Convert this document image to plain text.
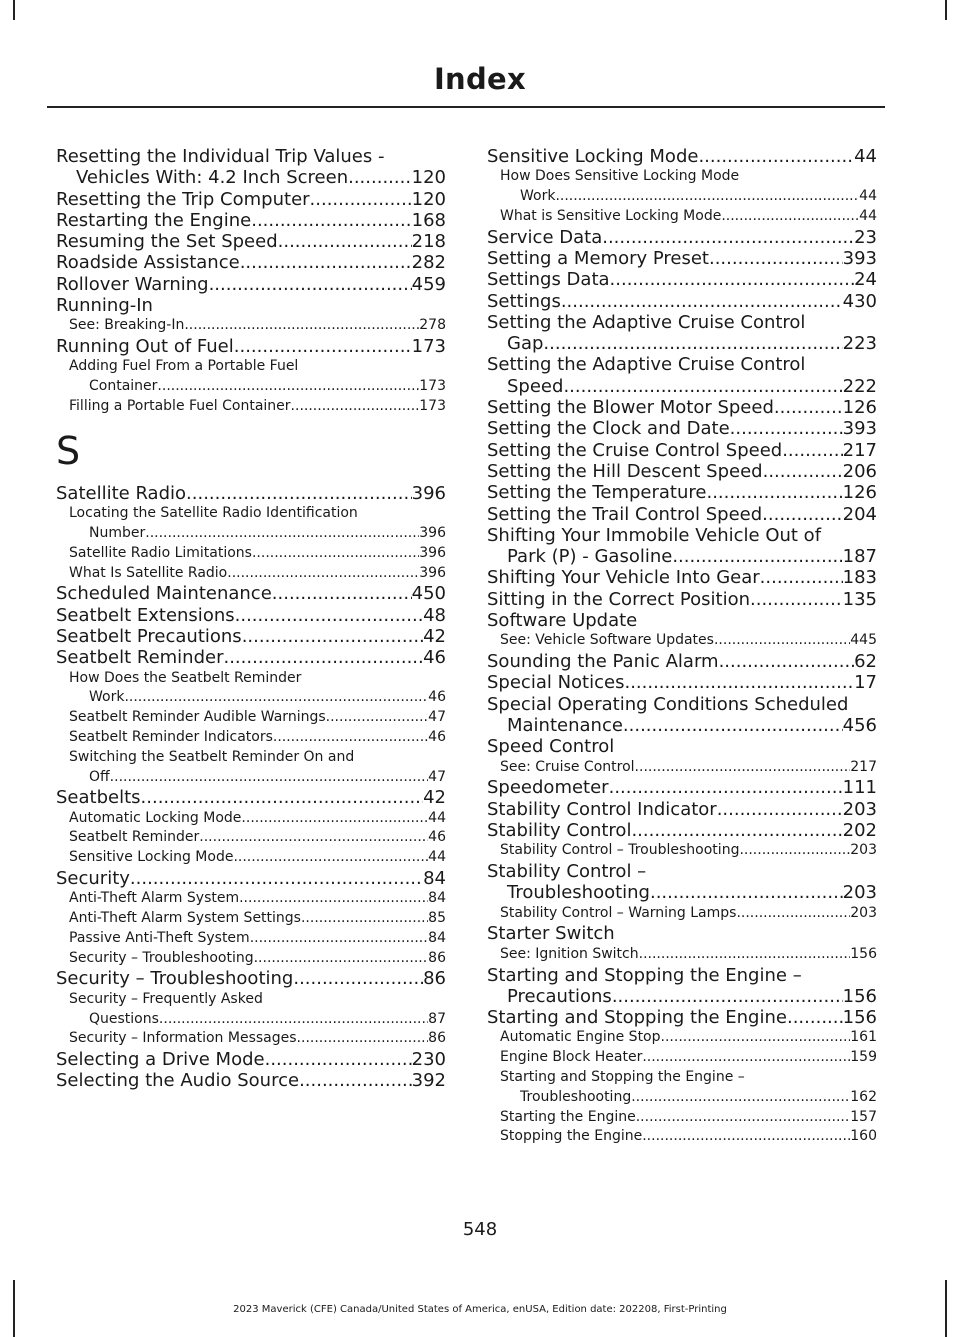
Index
Resetting the Individual Trip Values -
Vehicles With: 4.2 Inch Screen .....	120
Resetting the Trip Computer .....	120
Restarting the Engine .....	168
Resuming the Set Speed .....	218
Roadside Assistance .....	282
Rollover Warning .....	459
Running-In
See: Breaking-In .....	278
Running Out of Fuel .....	173
Adding Fuel From a Portable Fuel
Container .....	173
Filling a Portable Fuel Container .....	173
S
Satellite Radio .....	396
Locating the Satellite Radio Identification
Number .....	396
Satellite Radio Limitations .....	396
What Is Satellite Radio .....	396
Scheduled Maintenance .....	450
Seatbelt Extensions .....	48
Seatbelt Precautions .....	42
Seatbelt Reminder .....	46
How Does the Seatbelt Reminder
Work .....	46
Seatbelt Reminder Audible Warnings .....	47
Seatbelt Reminder Indicators .....	46
Switching the Seatbelt Reminder On and
Off .....	47
Seatbelts .....	42
Automatic Locking Mode .....	44
Seatbelt Reminder .....	46
Sensitive Locking Mode .....	44
Security .....	84
Anti-Theft Alarm System .....	84
Anti-Theft Alarm System Settings .....	85
Passive Anti-Theft System .....	84
Security – Troubleshooting .....	86
Security – Troubleshooting .....	86
Security – Frequently Asked
Questions .....	87
Security – Information Messages .....	86
Selecting a Drive Mode .....	230
Selecting the Audio Source .....	392
Sensitive Locking Mode .....	44
How Does Sensitive Locking Mode
Work .....	44
What is Sensitive Locking Mode .....	44
Service Data .....	23
Setting a Memory Preset .....	393
Settings Data .....	24
Settings .....	430
Setting the Adaptive Cruise Control
Gap .....	223
Setting the Adaptive Cruise Control
Speed .....	222
Setting the Blower Motor Speed .....	126
Setting the Clock and Date .....	393
Setting the Cruise Control Speed .....	217
Setting the Hill Descent Speed .....	206
Setting the Temperature .....	126
Setting the Trail Control Speed .....	204
Shifting Your Immobile Vehicle Out of
Park (P) - Gasoline .....	187
Shifting Your Vehicle Into Gear .....	183
Sitting in the Correct Position .....	135
Software Update
See: Vehicle Software Updates .....	445
Sounding the Panic Alarm .....	62
Special Notices .....	17
Special Operating Conditions Scheduled
Maintenance .....	456
Speed Control
See: Cruise Control .....	217
Speedometer .....	111
Stability Control Indicator .....	203
Stability Control .....	202
Stability Control – Troubleshooting .....	203
Stability Control –
Troubleshooting .....	203
Stability Control – Warning Lamps .....	203
Starter Switch
See: Ignition Switch .....	156
Starting and Stopping the Engine –
Precautions .....	156
Starting and Stopping the Engine .....	156
Automatic Engine Stop .....	161
Engine Block Heater .....	159
Starting and Stopping the Engine –
Troubleshooting .....	162
Starting the Engine .....	157
Stopping the Engine .....	160
548
2023 Maverick (CFE) Canada/United States of America, enUSA, Edition date: 202208, First-Printing
